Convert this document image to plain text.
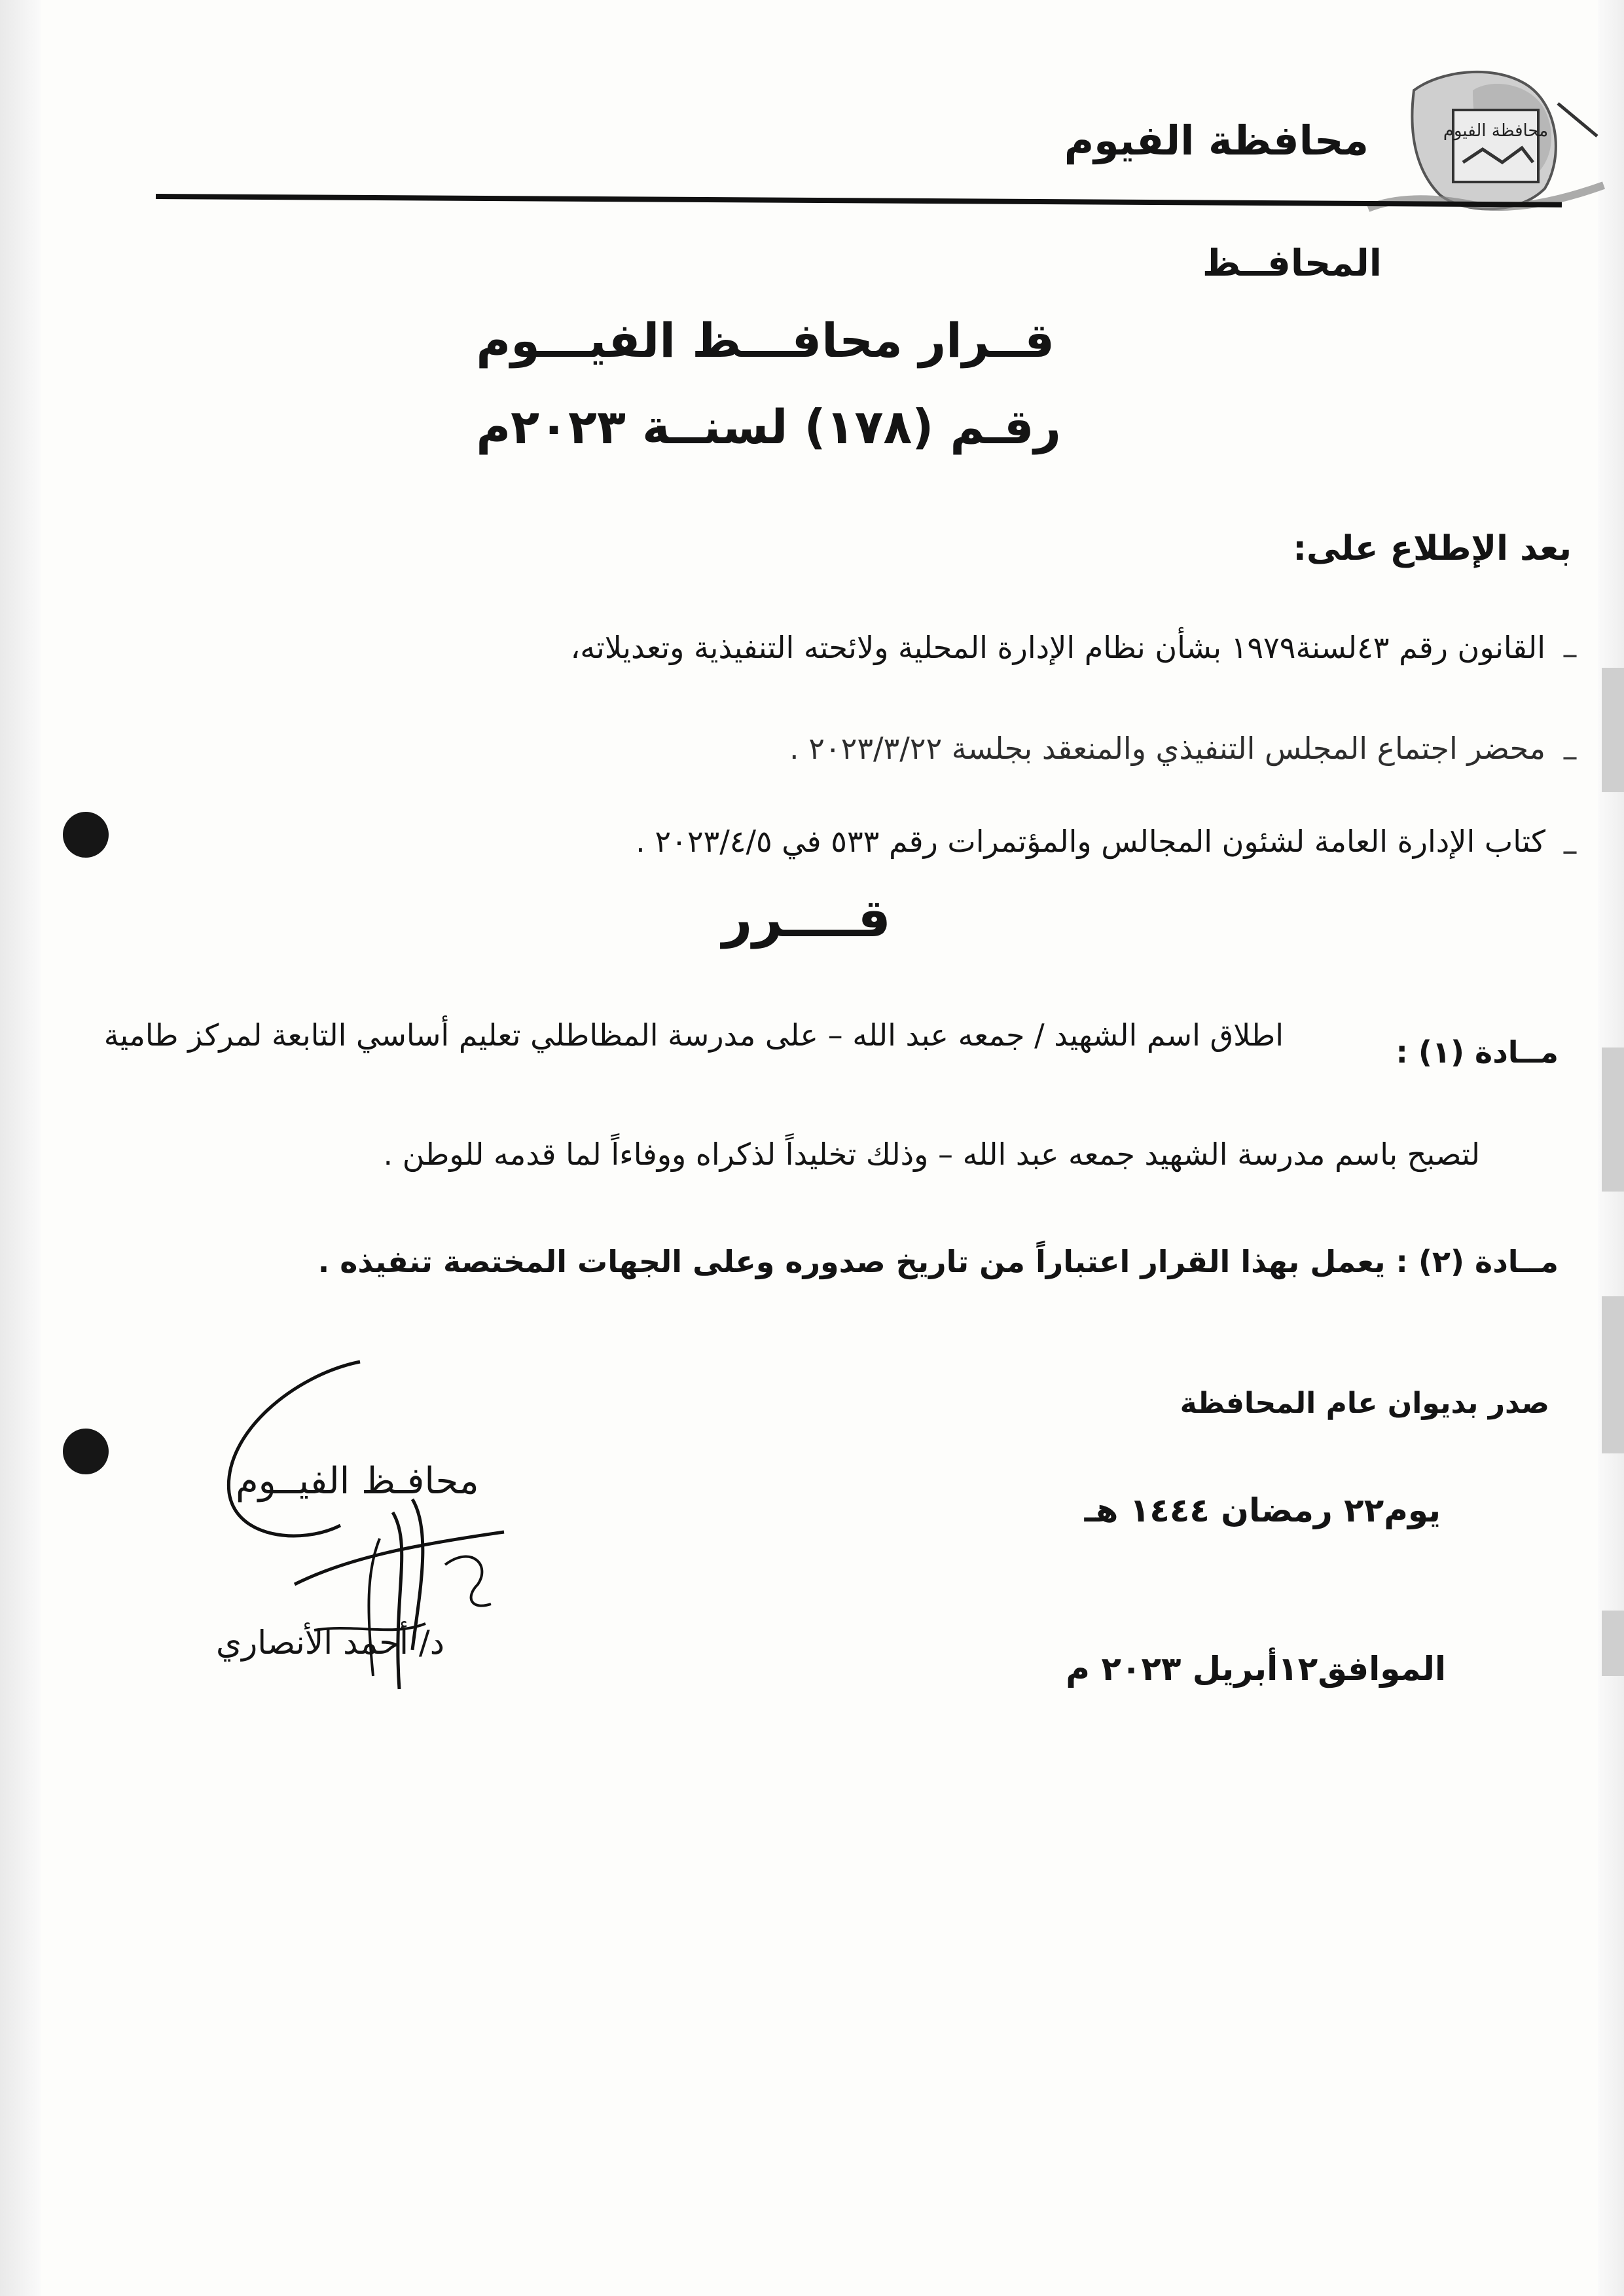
محافظة الفيوم
محافظة الفيوم
المحافــظ
قــرار محافـــظ الفيـــوم
رقـم (١٧٨) لسنــة ٢٠٢٣م
بعد الإطلاع على:
–
القانون رقم ٤٣لسنة١٩٧٩ بشأن نظام الإدارة المحلية ولائحته التنفيذية وتعديلاته،
–
محضر اجتماع المجلس التنفيذي والمنعقد بجلسة ٢٠٢٣/٣/٢٢ .
–
كتاب الإدارة العامة لشئون المجالس والمؤتمرات رقم ٥٣٣ في ٢٠٢٣/٤/٥ .
قــــرر
مــادة (١) :
اطلاق اسم الشهيد / جمعه عبد الله – على مدرسة المظاطلي تعليم أساسي التابعة لمركز طامية
لتصبح باسم مدرسة الشهيد جمعه عبد الله – وذلك تخليداً لذكراه ووفاءاً لما قدمه للوطن .
مــادة (٢) : يعمل بهذا القرار اعتباراً من تاريخ صدوره وعلى الجهات المختصة تنفيذه .
صدر بديوان عام المحافظة
يوم٢٢ رمضان ١٤٤٤ هـ
الموافق١٢أبريل ٢٠٢٣ م
محافـظ الفيــوم
د/ أحمد الأنصاري
